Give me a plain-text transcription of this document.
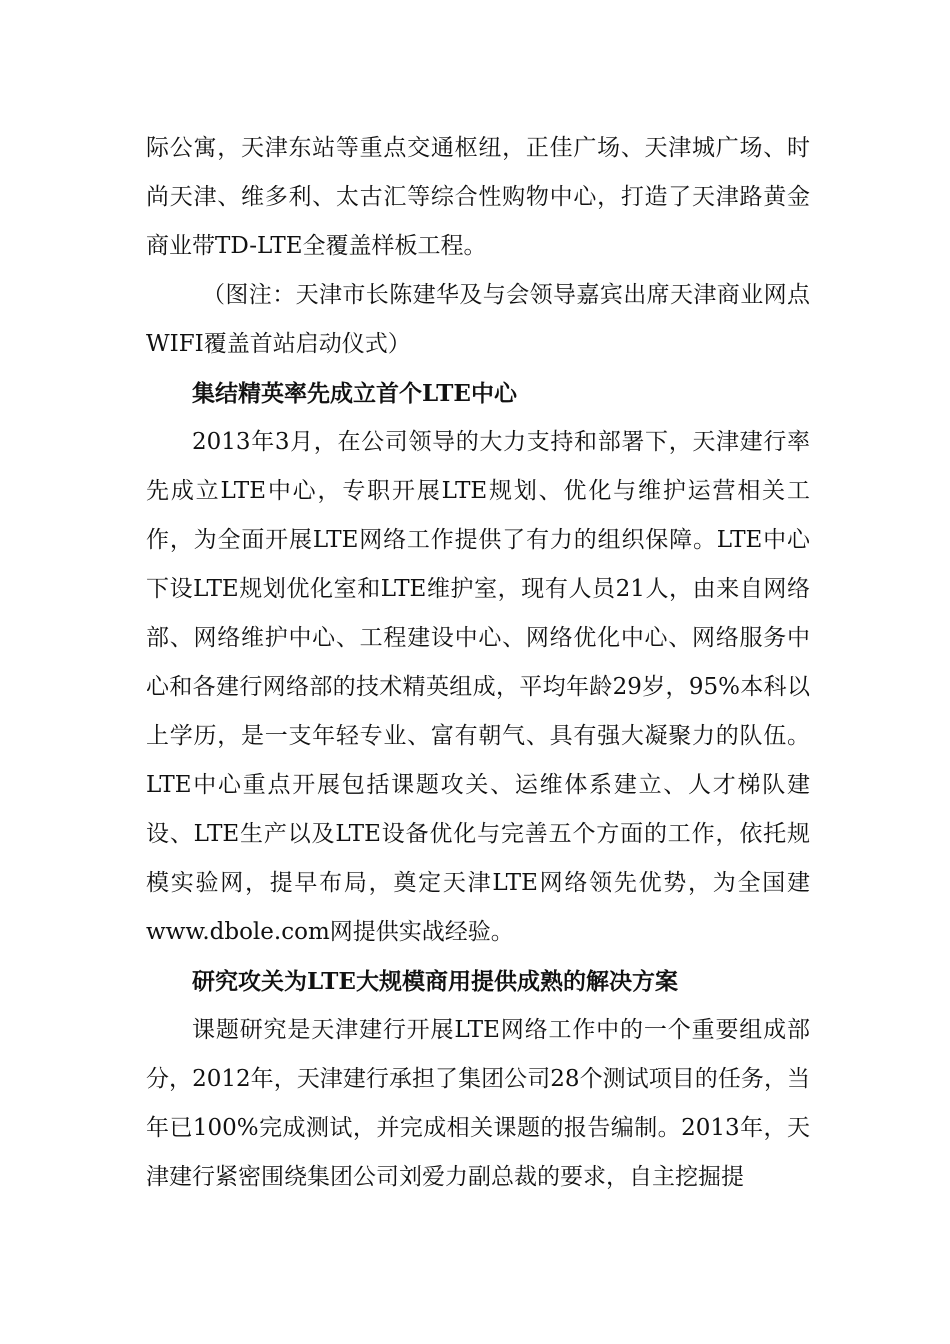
际公寓，天津东站等重点交通枢纽，正佳广场、天津城广场、时尚天津、维多利、太古汇等综合性购物中心，打造了天津路黄金商业带TD-LTE全覆盖样板工程。

（图注：天津市长陈建华及与会领导嘉宾出席天津商业网点WIFI覆盖首站启动仪式）

集结精英率先成立首个LTE中心

2013年3月，在公司领导的大力支持和部署下，天津建行率先成立LTE中心，专职开展LTE规划、优化与维护运营相关工作，为全面开展LTE网络工作提供了有力的组织保障。LTE中心下设LTE规划优化室和LTE维护室，现有人员21人，由来自网络部、网络维护中心、工程建设中心、网络优化中心、网络服务中心和各建行网络部的技术精英组成，平均年龄29岁，95%本科以上学历，是一支年轻专业、富有朝气、具有强大凝聚力的队伍。LTE中心重点开展包括课题攻关、运维体系建立、人才梯队建设、LTE生产以及LTE设备优化与完善五个方面的工作，依托规模实验网，提早布局，奠定天津LTE网络领先优势，为全国建www.dbole.com网提供实战经验。

研究攻关为LTE大规模商用提供成熟的解决方案

课题研究是天津建行开展LTE网络工作中的一个重要组成部分，2012年，天津建行承担了集团公司28个测试项目的任务，当年已100%完成测试，并完成相关课题的报告编制。2013年，天津建行紧密围绕集团公司刘爱力副总裁的要求，自主挖掘提
